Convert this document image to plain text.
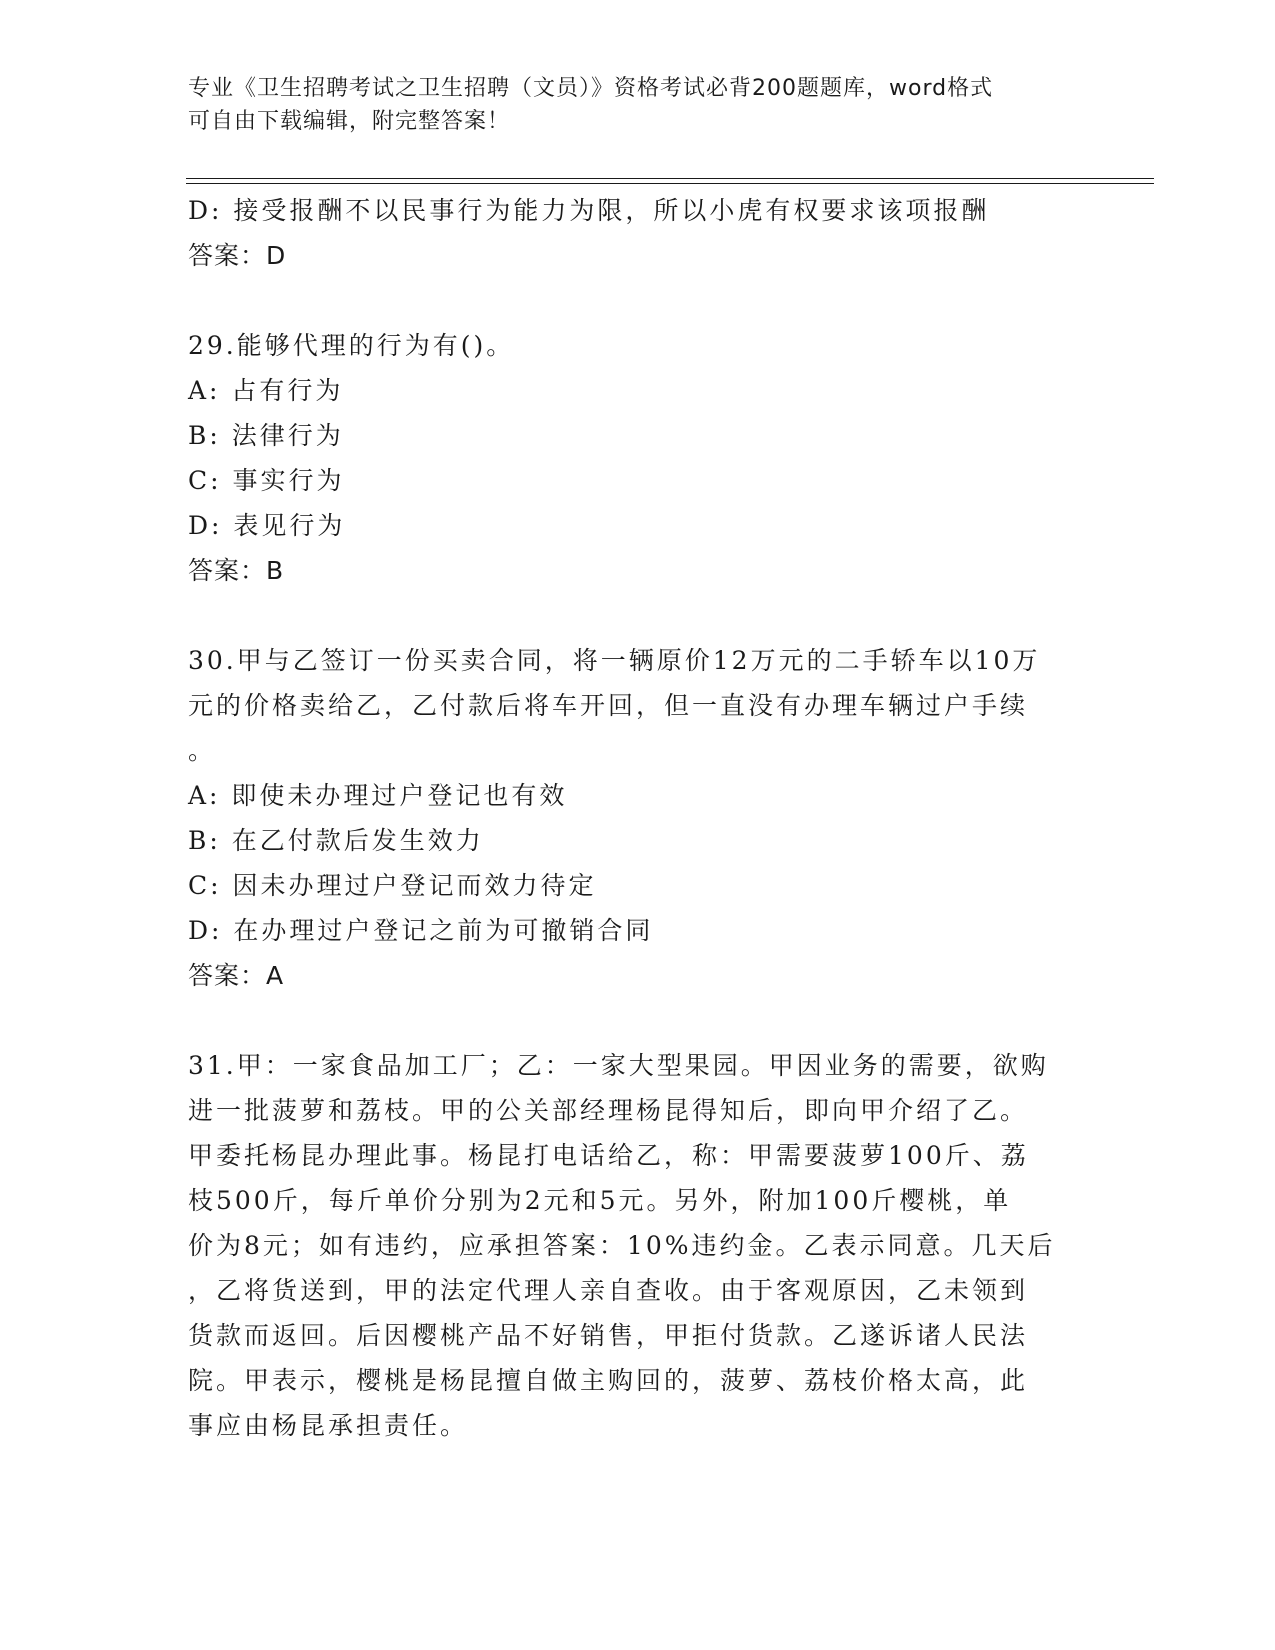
专业《卫生招聘考试之卫生招聘（文员）》资格考试必背200题题库，word格式
可自由下载编辑，附完整答案！
D: 接受报酬不以民事行为能力为限，所以小虎有权要求该项报酬
答案：D
29.能够代理的行为有()。
A: 占有行为
B: 法律行为
C: 事实行为
D: 表见行为
答案：B
30.甲与乙签订一份买卖合同，将一辆原价12万元的二手轿车以10万
元的价格卖给乙，乙付款后将车开回，但一直没有办理车辆过户手续
。
A: 即使未办理过户登记也有效
B: 在乙付款后发生效力
C: 因未办理过户登记而效力待定
D: 在办理过户登记之前为可撤销合同
答案：A
31.甲：一家食品加工厂；乙：一家大型果园。甲因业务的需要，欲购
进一批菠萝和荔枝。甲的公关部经理杨昆得知后，即向甲介绍了乙。
甲委托杨昆办理此事。杨昆打电话给乙，称：甲需要菠萝100斤、荔
枝500斤，每斤单价分别为2元和5元。另外，附加100斤樱桃，单
价为8元；如有违约，应承担答案：10%违约金。乙表示同意。几天后
，乙将货送到，甲的法定代理人亲自查收。由于客观原因，乙未领到
货款而返回。后因樱桃产品不好销售，甲拒付货款。乙遂诉诸人民法
院。甲表示，樱桃是杨昆擅自做主购回的，菠萝、荔枝价格太高，此
事应由杨昆承担责任。
